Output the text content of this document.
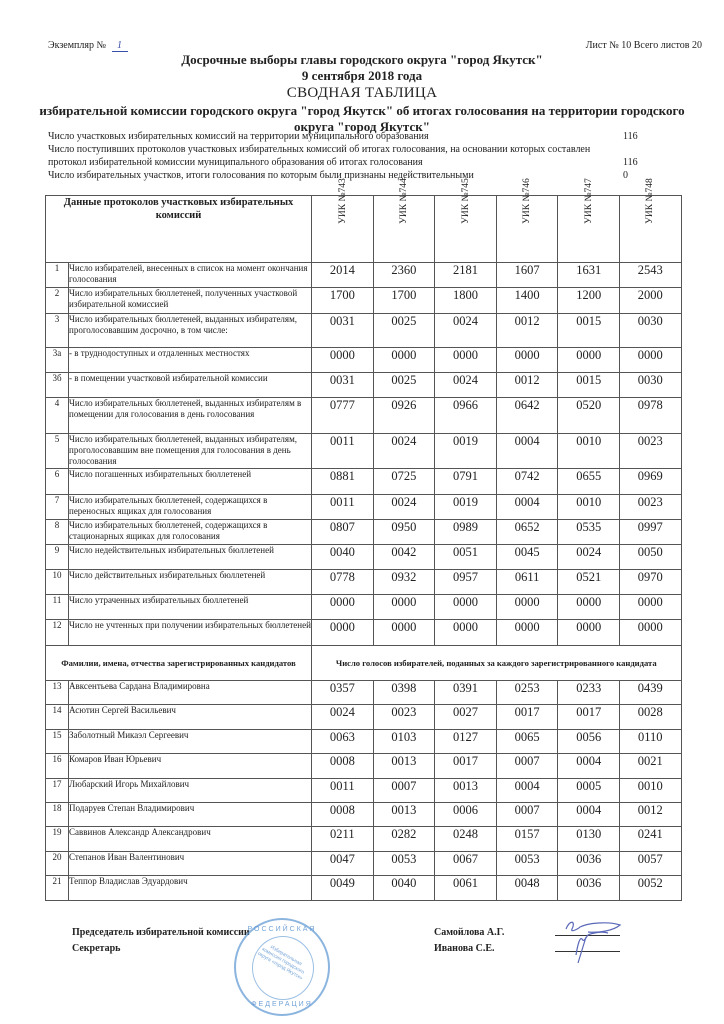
Экземпляр № 1	Лист № 10 Всего листов 20
Досрочные выборы главы городского округа "город Якутск"
9 сентября 2018 года
СВОДНАЯ ТАБЛИЦА
избирательной комиссии городского округа "город Якутск" об итогах голосования на территории городского округа "город Якутск"
Число участковых избирательных комиссий на территории муниципального образования	116
Число поступивших протоколов участковых избирательных комиссий об итогах голосования, на основании которых составлен протокол избирательной комиссии муниципального образования об итогах голосования	116
Число избирательных участков, итоги голосования по которым были признаны недействительными	0
Данные протоколов участковых избирательных комиссий		УИК №743	УИК №744	УИК №745	УИК №746	УИК №747	УИК №748
1	Число избирателей, внесенных в список на момент окончания голосования	2014	2360	2181	1607	1631	2543
2	Число избирательных бюллетеней, полученных участковой избирательной комиссией	1700	1700	1800	1400	1200	2000
3	Число избирательных бюллетеней, выданных избирателям, проголосовавшим досрочно, в том числе:	0031	0025	0024	0012	0015	0030
3а	- в труднодоступных и отдаленных местностях	0000	0000	0000	0000	0000	0000
3б	- в помещении участковой избирательной комиссии	0031	0025	0024	0012	0015	0030
4	Число избирательных бюллетеней, выданных избирателям в помещении для голосования в день голосования	0777	0926	0966	0642	0520	0978
5	Число избирательных бюллетеней, выданных избирателям, проголосовавшим вне помещения для голосования в день голосования	0011	0024	0019	0004	0010	0023
6	Число погашенных избирательных бюллетеней	0881	0725	0791	0742	0655	0969
7	Число избирательных бюллетеней, содержащихся в переносных ящиках для голосования	0011	0024	0019	0004	0010	0023
8	Число избирательных бюллетеней, содержащихся в стационарных ящиках для голосования	0807	0950	0989	0652	0535	0997
9	Число недействительных избирательных бюллетеней	0040	0042	0051	0045	0024	0050
10	Число действительных избирательных бюллетеней	0778	0932	0957	0611	0521	0970
11	Число утраченных избирательных бюллетеней	0000	0000	0000	0000	0000	0000
12	Число не учтенных при получении избирательных бюллетеней	0000	0000	0000	0000	0000	0000
Фамилии, имена, отчества зарегистрированных кандидатов		Число голосов избирателей, поданных за каждого зарегистрированного кандидата					
13	Авксентьева Сардана Владимировна	0357	0398	0391	0253	0233	0439
14	Асютин Сергей Васильевич	0024	0023	0027	0017	0017	0028
15	Заболотный Микаэл Сергеевич	0063	0103	0127	0065	0056	0110
16	Комаров Иван Юрьевич	0008	0013	0017	0007	0004	0021
17	Любарский Игорь Михайлович	0011	0007	0013	0004	0005	0010
18	Подаруев Степан Владимирович	0008	0013	0006	0007	0004	0012
19	Саввинов Александр Александрович	0211	0282	0248	0157	0130	0241
20	Степанов Иван Валентинович	0047	0053	0067	0053	0036	0057
21	Теппор Владислав Эдуардович	0049	0040	0061	0048	0036	0052
Председатель избирательной комиссии
Секретарь
РОССИЙСКАЯ
Избирательная комиссия городского округа «город Якутск»
ФЕДЕРАЦИЯ
Самойлова А.Г.
Иванова С.Е.
